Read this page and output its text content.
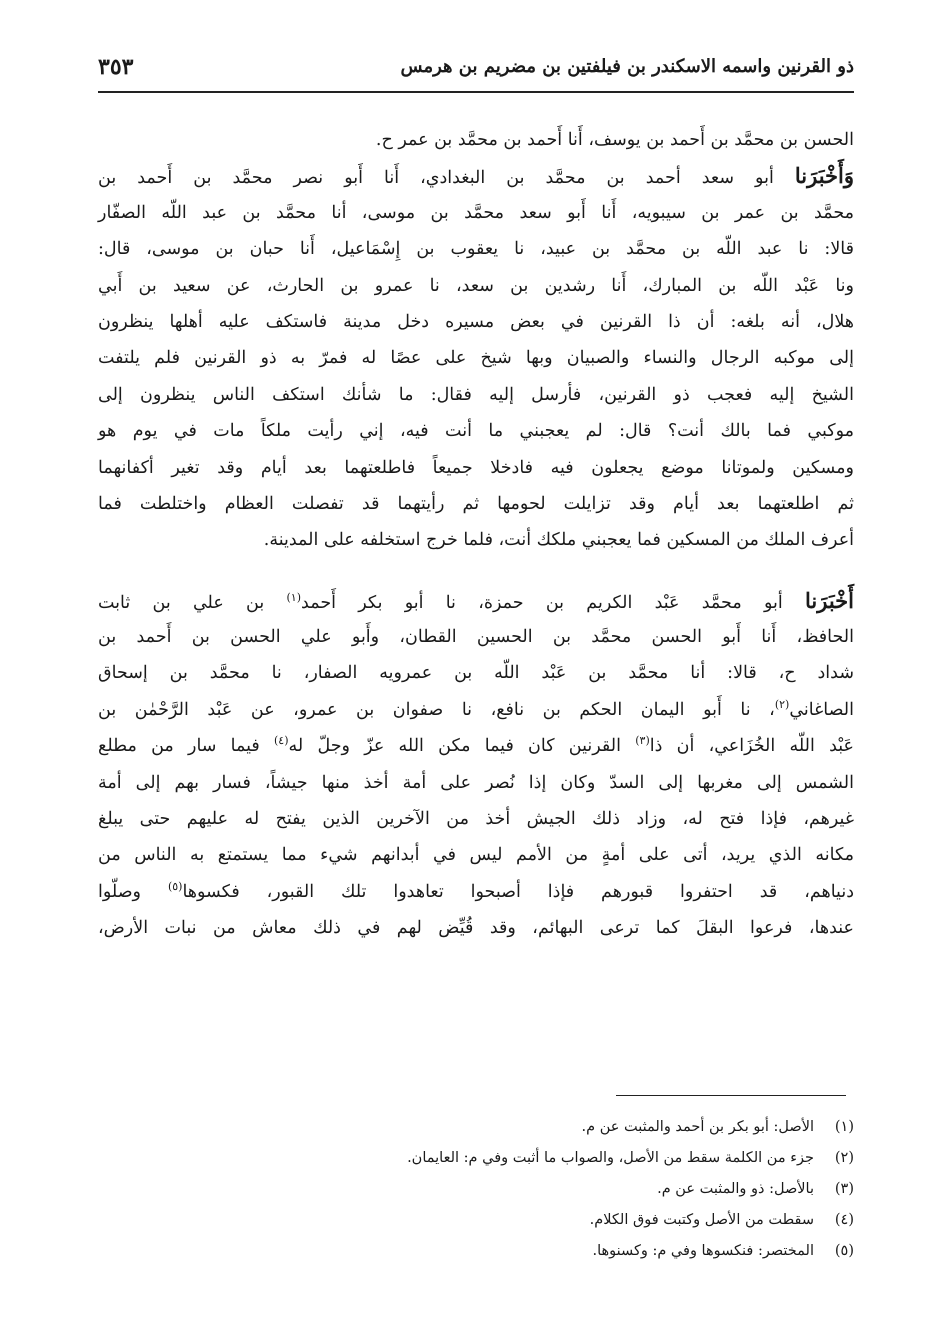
ذو القرنين واسمه الاسكندر بن فيلفتين بن مضريم بن هرمس
٣٥٣
الحسن بن محمَّد بن أَحمد بن يوسف، أَنا أَحمد بن محمَّد بن عمر ح.
وَأَخْبَرَنا أبو سعد أحمد بن محمَّد بن البغدادي، أَنا أَبو نصر محمَّد بن أَحمد بن
محمَّد بن عمر بن سيبويه، أَنا أَبو سعد محمَّد بن موسى، أنا محمَّد بن عبد اللّه الصفّار
قالا: نا عبد اللّه بن محمَّد بن عبيد، نا يعقوب بن إِسْمَاعيل، أَنا حبان بن موسى، قال:
ونا عَبْد اللّه بن المبارك، أَنا رشدين بن سعد، نا عمرو بن الحارث، عن سعيد بن أَبي
هلال، أنه بلغه: أن ذا القرنين في بعض مسيره دخل مدينة فاستكف عليه أهلها ينظرون
إلى موكبه الرجال والنساء والصبيان وبها شيخ على عصًا له فمرّ به ذو القرنين فلم يلتفت
الشيخ إليه فعجب ذو القرنين، فأرسل إليه فقال: ما شأنك استكف الناس ينظرون إلى
موكبي فما بالك أنت؟ قال: لم يعجبني ما أنت فيه، إني رأيت ملكاً مات في يوم هو
ومسكين ولموتانا موضع يجعلون فيه فادخلا جميعاً فاطلعتهما بعد أيام وقد تغير أكفانهما
ثم اطلعتهما بعد أيام وقد تزايلت لحومها ثم رأيتهما قد تفصلت العظام واختلطت فما
أعرف الملك من المسكين فما يعجبني ملكك أنت، فلما خرج استخلفه على المدينة.
أَخْبَرَنا أبو محمَّد عَبْد الكريم بن حمزة، نا أبو بكر أَحمد$^{(١)}$ بن علي بن ثابت
الحافظ، أَنا أَبو الحسن محمَّد بن الحسين القطان، وأَبو علي الحسن بن أَحمد بن
شداد ح، قالا: أنا محمَّد بن عَبْد اللّه بن عمرويه الصفار، نا محمَّد بن إسحاق
الصاغاني$^{(٢)}$، نا أَبو اليمان الحكم بن نافع، نا صفوان بن عمرو، عن عَبْد الرَّحْمٰن بن
عَبْد اللّه الخُزَاعي، أن ذا$^{(٣)}$ القرنين كان فيما مكن الله عزّ وجلّ له$^{(٤)}$ فيما سار من مطلع
الشمس إلى مغربها إلى السدّ وكان إذا نُصر على أمة أخذ منها جيشاً، فسار بهم إلى أمة
غيرهم، فإذا فتح له، وزاد ذلك الجيش أخذ من الآخرين الذين يفتح له عليهم حتى يبلغ
مكانه الذي يريد، أتى على أمةٍ من الأمم ليس في أبدانهم شيء مما يستمتع به الناس من
دنياهم، قد احتفروا قبورهم فإذا أصبحوا تعاهدوا تلك القبور، فكسوها$^{(٥)}$ وصلّوا
عندها، فرعوا البقلَ كما ترعى البهائم، وقد قُيِّض لهم في ذلك معاش من نبات الأرض،
(١)الأصل: أبو بكر بن أحمد والمثبت عن م.
(٢)جزء من الكلمة سقط من الأصل، والصواب ما أثبت وفي م: العايمان.
(٣)بالأصل: ذو والمثبت عن م.
(٤)سقطت من الأصل وكتبت فوق الكلام.
(٥)المختصر: فنكسوها وفي م: وكسنوها.
